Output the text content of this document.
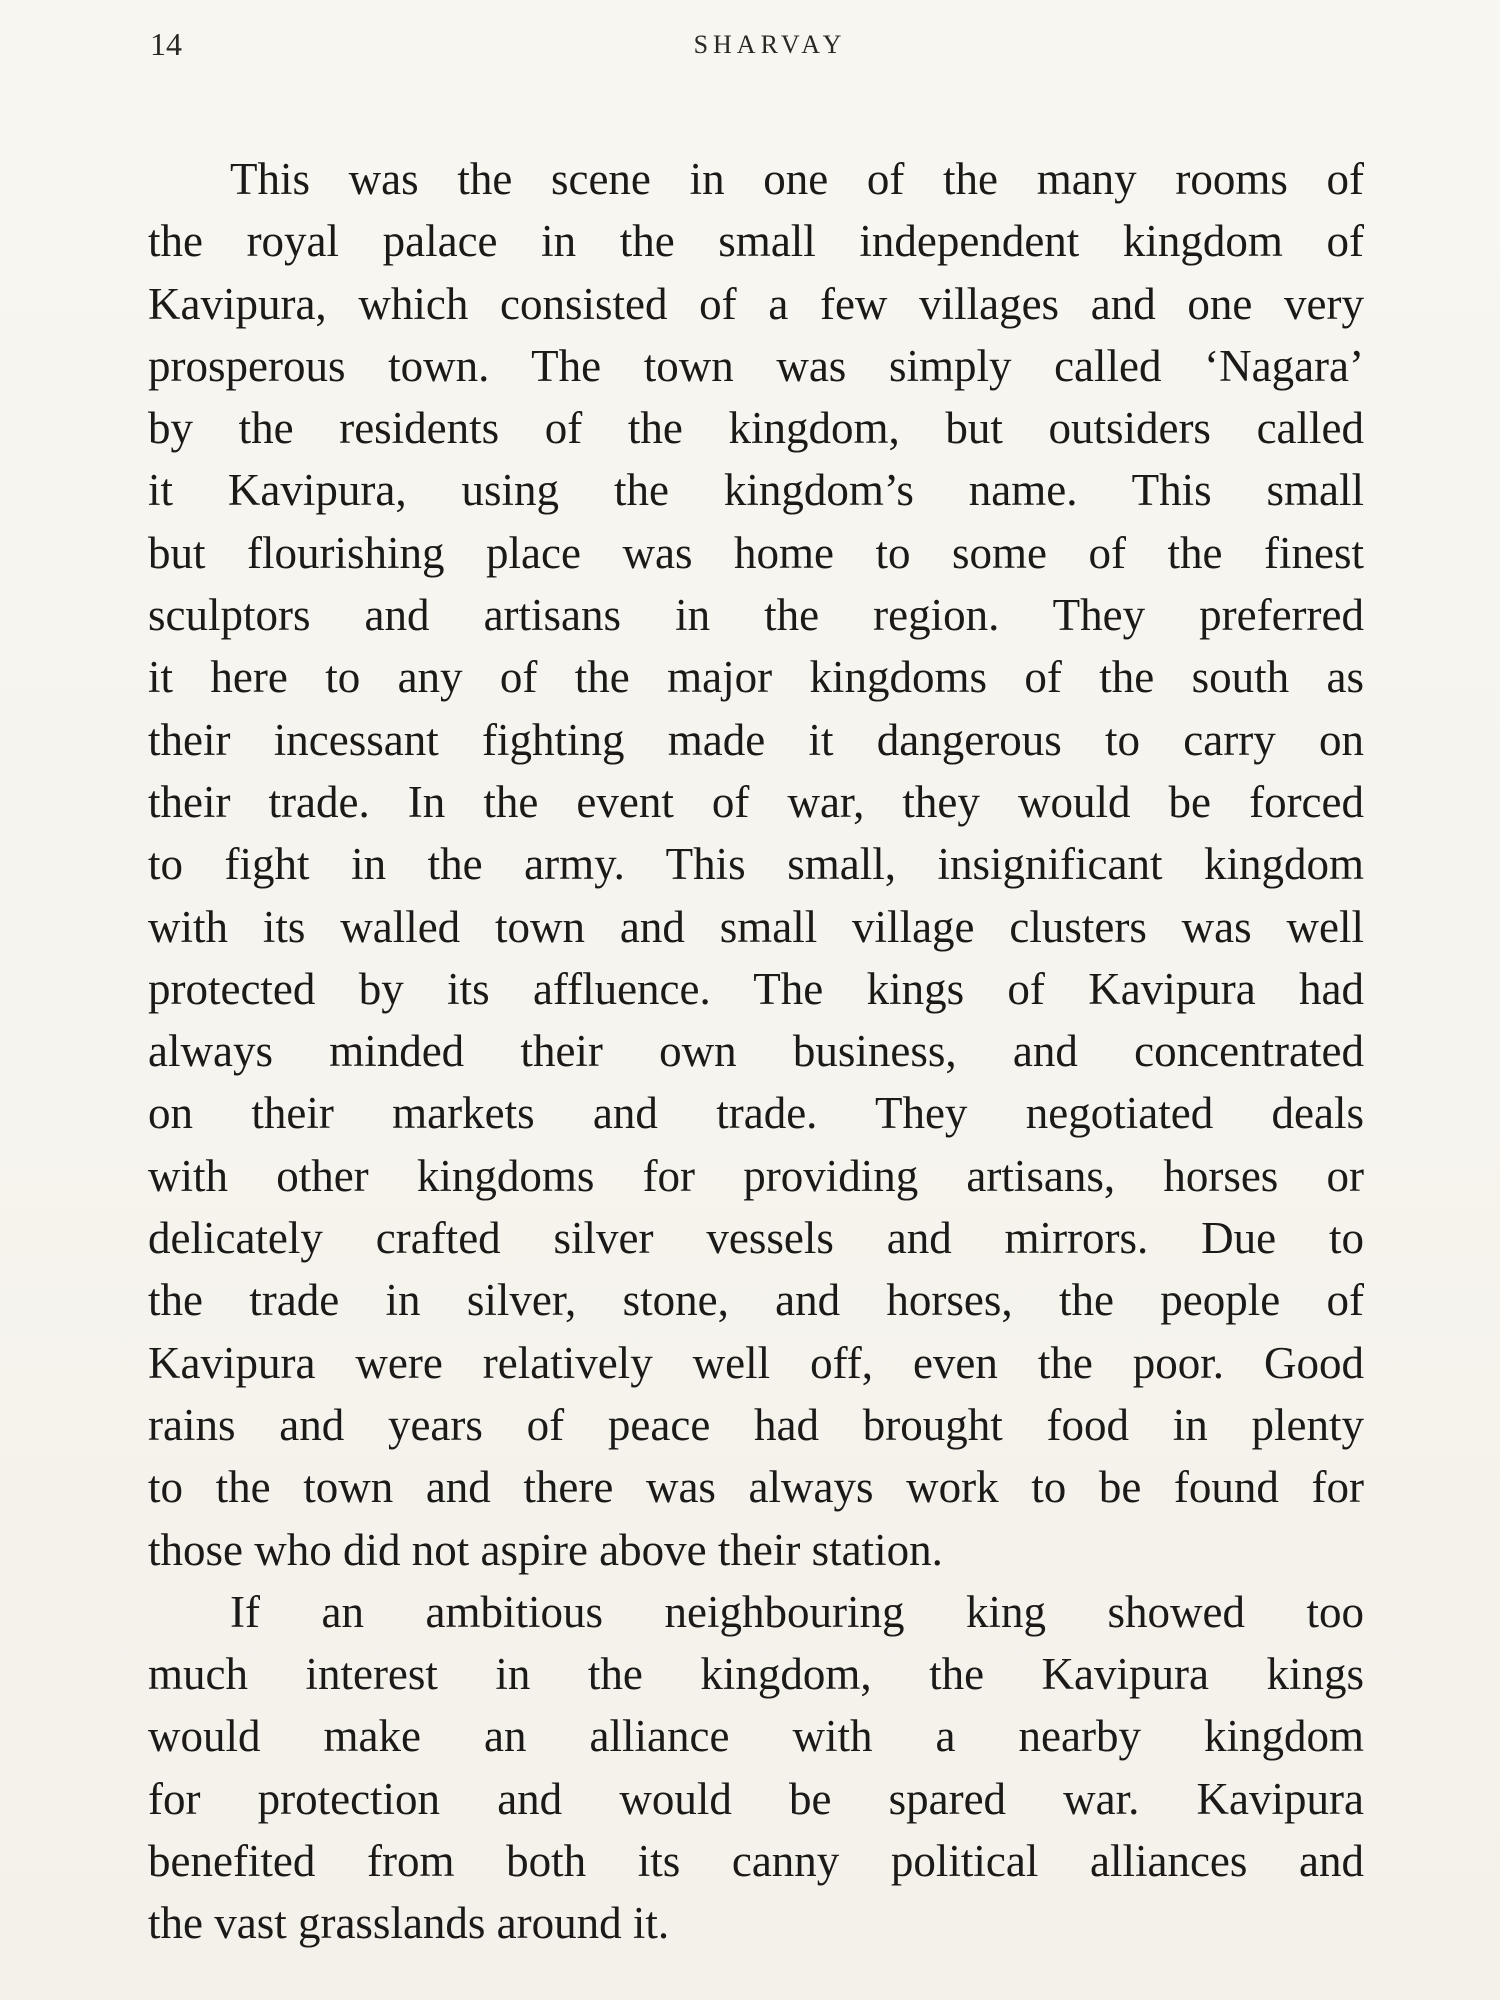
14	SHARVAY
This was the scene in one of the many rooms of
the royal palace in the small independent kingdom of
Kavipura, which consisted of a few villages and one very
prosperous town. The town was simply called ‘Nagara’
by the residents of the kingdom, but outsiders called
it Kavipura, using the kingdom’s name. This small
but flourishing place was home to some of the finest
sculptors and artisans in the region. They preferred
it here to any of the major kingdoms of the south as
their incessant fighting made it dangerous to carry on
their trade. In the event of war, they would be forced
to fight in the army. This small, insignificant kingdom
with its walled town and small village clusters was well
protected by its affluence. The kings of Kavipura had
always minded their own business, and concentrated
on their markets and trade. They negotiated deals
with other kingdoms for providing artisans, horses or
delicately crafted silver vessels and mirrors. Due to
the trade in silver, stone, and horses, the people of
Kavipura were relatively well off, even the poor. Good
rains and years of peace had brought food in plenty
to the town and there was always work to be found for
those who did not aspire above their station.
If an ambitious neighbouring king showed too
much interest in the kingdom, the Kavipura kings
would make an alliance with a nearby kingdom
for protection and would be spared war. Kavipura
benefited from both its canny political alliances and
the vast grasslands around it.
